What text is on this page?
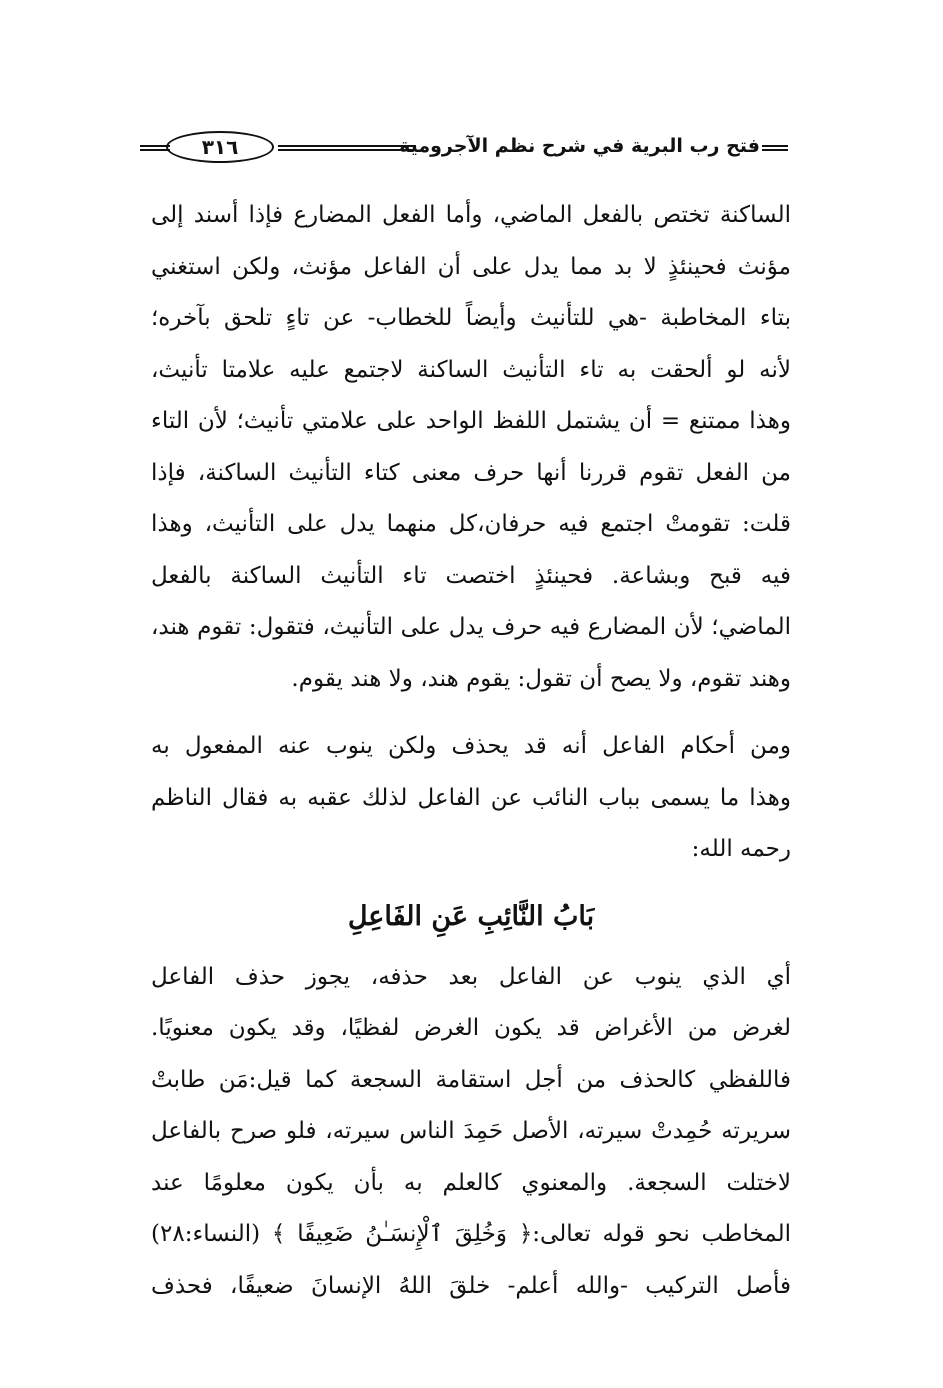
فتح رب البرية في شرح نظم الآجرومية
٣١٦
الساكنة تختص بالفعل الماضي، وأما الفعل المضارع فإذا أسند إلى
مؤنث فحينئذٍ لا بد مما يدل على أن الفاعل مؤنث، ولكن استغني
بتاء المخاطبة -هي للتأنيث وأيضاً للخطاب- عن تاءٍ تلحق بآخره؛
لأنه لو ألحقت به تاء التأنيث الساكنة لاجتمع عليه علامتا تأنيث،
وهذا ممتنع = أن يشتمل اللفظ الواحد على علامتي تأنيث؛ لأن التاء
من الفعل تقوم قررنا أنها حرف معنى كتاء التأنيث الساكنة، فإذا
قلت: تقومتْ اجتمع فيه حرفان،كل منهما يدل على التأنيث، وهذا
فيه قبح وبشاعة. فحينئذٍ اختصت تاء التأنيث الساكنة بالفعل
الماضي؛ لأن المضارع فيه حرف يدل على التأنيث، فتقول: تقوم هند،
وهند تقوم، ولا يصح أن تقول: يقوم هند، ولا هند يقوم.
ومن أحكام الفاعل أنه قد يحذف ولكن ينوب عنه المفعول به
وهذا ما يسمى بباب النائب عن الفاعل لذلك عقبه به فقال الناظم
رحمه الله:
بَابُ النَّائِبِ عَنِ الفَاعِلِ
أي الذي ينوب عن الفاعل بعد حذفه، يجوز حذف الفاعل
لغرض من الأغراض قد يكون الغرض لفظيًا، وقد يكون معنويًا.
فاللفظي كالحذف من أجل استقامة السجعة كما قيل:مَن طابتْ
سريرته حُمِدتْ سيرته، الأصل حَمِدَ الناس سيرته، فلو صرح بالفاعل
لاختلت السجعة. والمعنوي كالعلم به بأن يكون معلومًا عند
المخاطب نحو قوله تعالى:﴿ وَخُلِقَ ٱلْإِنسَـٰنُ ضَعِيفًا ﴾ (النساء:٢٨)
فأصل التركيب -والله أعلم- خلقَ اللهُ الإنسانَ ضعيفًا، فحذف
